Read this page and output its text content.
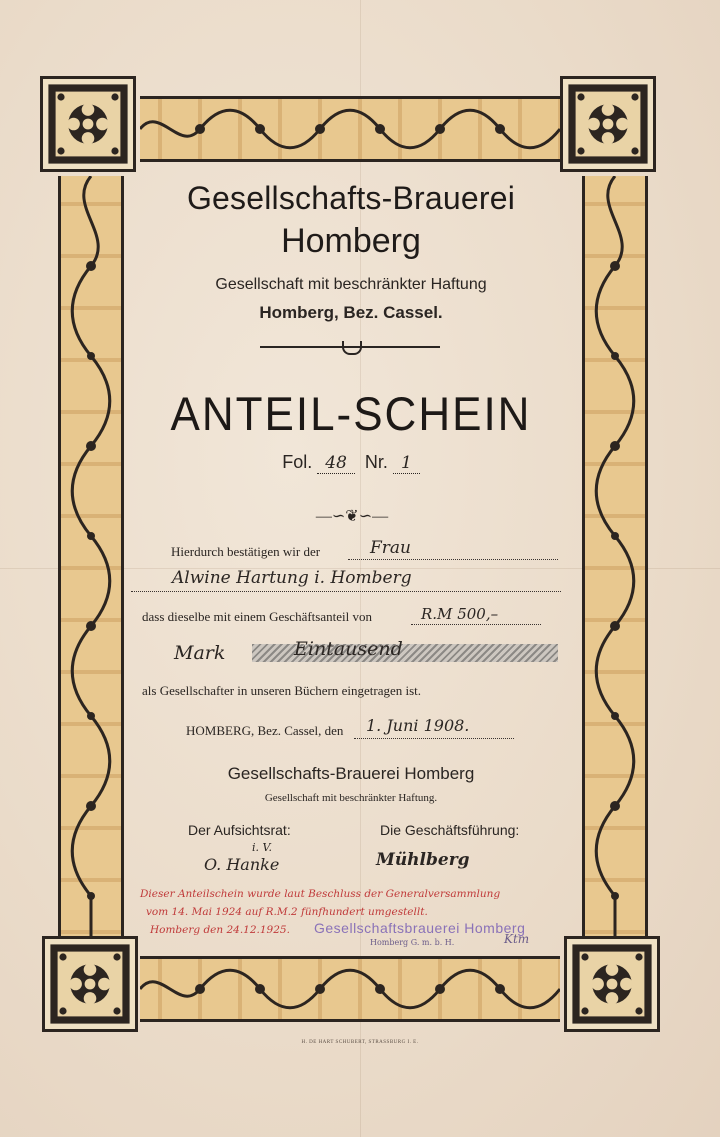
Gesellschafts-Brauerei
Homberg
Gesellschaft mit beschränkter Haftung
Homberg, Bez. Cassel.
ANTEIL-SCHEIN
Fol. 48 Nr. 1
—∽❦∽—
Hierdurch bestätigen wir der	Frau
Alwine Hartung i. Homberg
dass dieselbe mit einem Geschäftsanteil von	R.M 500,–
Mark	Eintausend
als Gesellschafter in unseren Büchern eingetragen ist.
HOMBERG, Bez. Cassel, den 1. Juni 1908.
Gesellschafts-Brauerei Homberg
Gesellschaft mit beschränkter Haftung.
Der Aufsichtsrat:	Die Geschäftsführung:
i. V.
O. Hanke	Mühlberg
Dieser Anteilschein wurde laut Beschluss der Generalversammlung
vom 14. Mai 1924 auf R.M.2 fünfhundert umgestellt.
Homberg den 24.12.1925. Gesellschaftsbrauerei Homberg
Homberg G. m. b. H.	Ktm
H. DE HART SCHUBERT, STRASSBURG I. E.
